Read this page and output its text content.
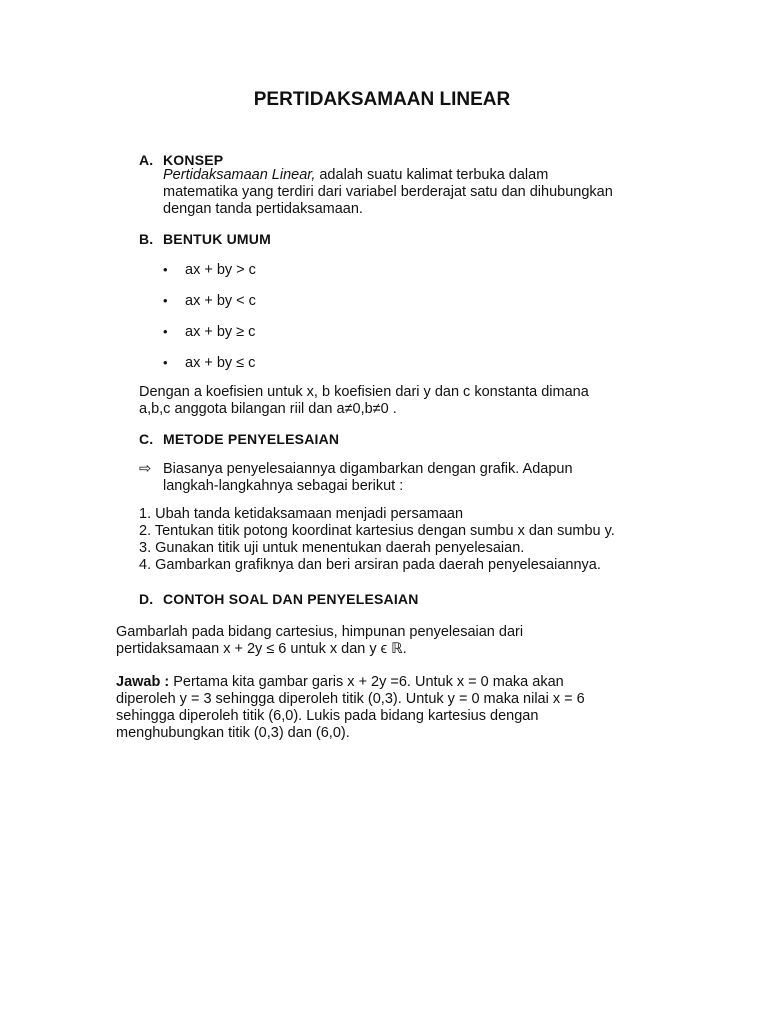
PERTIDAKSAMAAN LINEAR
A. KONSEP
Pertidaksamaan Linear, adalah suatu kalimat terbuka dalam
matematika yang terdiri dari variabel berderajat satu dan dihubungkan
dengan tanda pertidaksamaan.
B. BENTUK UMUM
• ax + by > c
• ax + by < c
• ax + by ≥ c
• ax + by ≤ c
Dengan a koefisien untuk x, b koefisien dari y dan c konstanta dimana
a,b,c anggota bilangan riil dan a≠0,b≠0 .
C. METODE PENYELESAIAN
⇨ Biasanya penyelesaiannya digambarkan dengan grafik. Adapun
langkah-langkahnya sebagai berikut :
1. Ubah tanda ketidaksamaan menjadi persamaan
2. Tentukan titik potong koordinat kartesius dengan sumbu x dan sumbu y.
3. Gunakan titik uji untuk menentukan daerah penyelesaian.
4. Gambarkan grafiknya dan beri arsiran pada daerah penyelesaiannya.
D. CONTOH SOAL DAN PENYELESAIAN
Gambarlah pada bidang cartesius, himpunan penyelesaian dari
pertidaksamaan x + 2y ≤ 6 untuk x dan y ϵ ℝ.
Jawab : Pertama kita gambar garis x + 2y =6. Untuk x = 0 maka akan
diperoleh y = 3 sehingga diperoleh titik (0,3). Untuk y = 0 maka nilai x = 6
sehingga diperoleh titik (6,0). Lukis pada bidang kartesius dengan
menghubungkan titik (0,3) dan (6,0).
